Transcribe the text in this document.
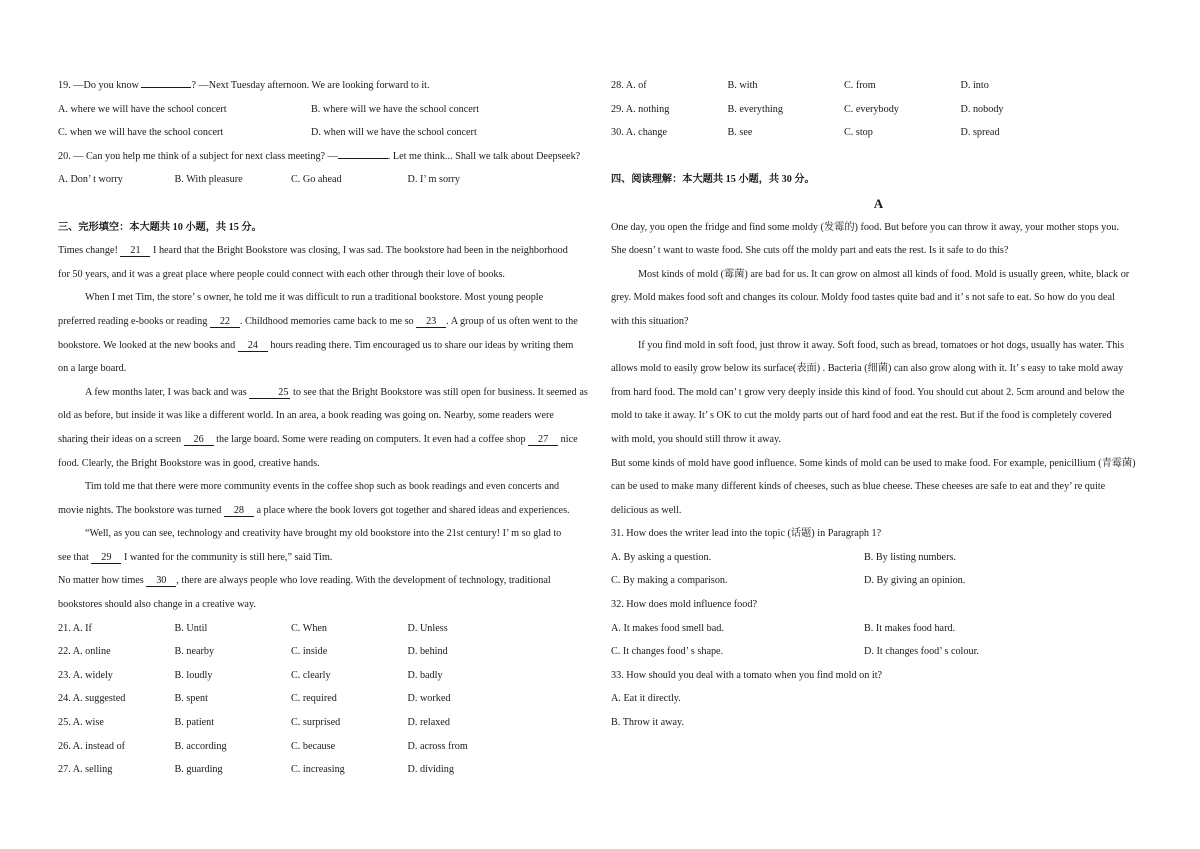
19. —Do you know	? —Next Tuesday afternoon. We are looking forward to it.
A. where we will have the school concert	B. where will we have the school concert
C. when we will have the school concert	D. when will we have the school concert
20. — Can you help me think of a subject for next class meeting? —	. Let me think... Shall we talk about Deepseek?
A. Don’ t worry	B. With pleasure	C. Go ahead	D. I’ m sorry
三、完形填空：本大题共 10 小题，共 15 分。
Times change! 21 I heard that the Bright Bookstore was closing, I was sad. The bookstore had been in the neighborhood
for 50 years, and it was a great place where people could connect with each other through their love of books.
When I met Tim, the store’ s owner, he told me it was difficult to run a traditional bookstore. Most young people
preferred reading e-books or reading 22 . Childhood memories came back to me so 23 . A group of us often went to the
bookstore. We looked at the new books and 24 hours reading there. Tim encouraged us to share our ideas by writing them
on a large board.
A few months later, I was back and was	25 to see that the Bright Bookstore was still open for business. It seemed as
old as before, but inside it was like a different world. In an area, a book reading was going on. Nearby, some readers were
sharing their ideas on a screen 26 the large board. Some were reading on computers. It even had a coffee shop 27 nice
food. Clearly, the Bright Bookstore was in good, creative hands.
Tim told me that there were more community events in the coffee shop such as book readings and even concerts and
movie nights. The bookstore was turned 28 a place where the book lovers got together and shared ideas and experiences.
“Well, as you can see, technology and creativity have brought my old bookstore into the 21st century! I’ m so glad to
see that 29 I wanted for the community is still here,” said Tim.
No matter how times 30 , there are always people who love reading. With the development of technology, traditional
bookstores should also change in a creative way.
21. A. If	B. Until	C. When	D. Unless
22. A. online	B. nearby	C. inside	D. behind
23. A. widely	B. loudly	C. clearly	D. badly
24. A. suggested	B. spent	C. required	D. worked
25. A. wise	B. patient	C. surprised	D. relaxed
26. A. instead of	B. according	C. because	D. across from
27. A. selling	B. guarding	C. increasing	D. dividing
28. A. of	B. with	C. from	D. into
29. A. nothing	B. everything	C. everybody	D. nobody
30. A. change	B. see	C. stop	D. spread
四、阅读理解：本大题共 15 小题，共 30 分。
A
One day, you open the fridge and find some moldy (发霉的) food. But before you can throw it away, your mother stops you.
She doesn’ t want to waste food. She cuts off the moldy part and eats the rest. Is it safe to do this?
Most kinds of mold (霉菌) are bad for us. It can grow on almost all kinds of food. Mold is usually green, white, black or
grey. Mold makes food soft and changes its colour. Moldy food tastes quite bad and it’ s not safe to eat. So how do you deal
with this situation?
If you find mold in soft food, just throw it away. Soft food, such as bread, tomatoes or hot dogs, usually has water. This
allows mold to easily grow below its surface(表面) . Bacteria (细菌) can also grow along with it. It’ s easy to take mold away
from hard food. The mold can’ t grow very deeply inside this kind of food. You should cut about 2. 5cm around and below the
mold to take it away. It’ s OK to cut the moldy parts out of hard food and eat the rest. But if the food is completely covered
with mold, you should still throw it away.
But some kinds of mold have good influence. Some kinds of mold can be used to make food. For example, penicillium (青霉菌)
can be used to make many different kinds of cheeses, such as blue cheese. These cheeses are safe to eat and they’ re quite
delicious as well.
31. How does the writer lead into the topic (话题) in Paragraph 1?
A. By asking a question.	B. By listing numbers.
C. By making a comparison.	D. By giving an opinion.
32. How does mold influence food?
A. It makes food smell bad.	B. It makes food hard.
C. It changes food’ s shape.	D. It changes food’ s colour.
33. How should you deal with a tomato when you find mold on it?
A. Eat it directly.
B. Throw it away.
